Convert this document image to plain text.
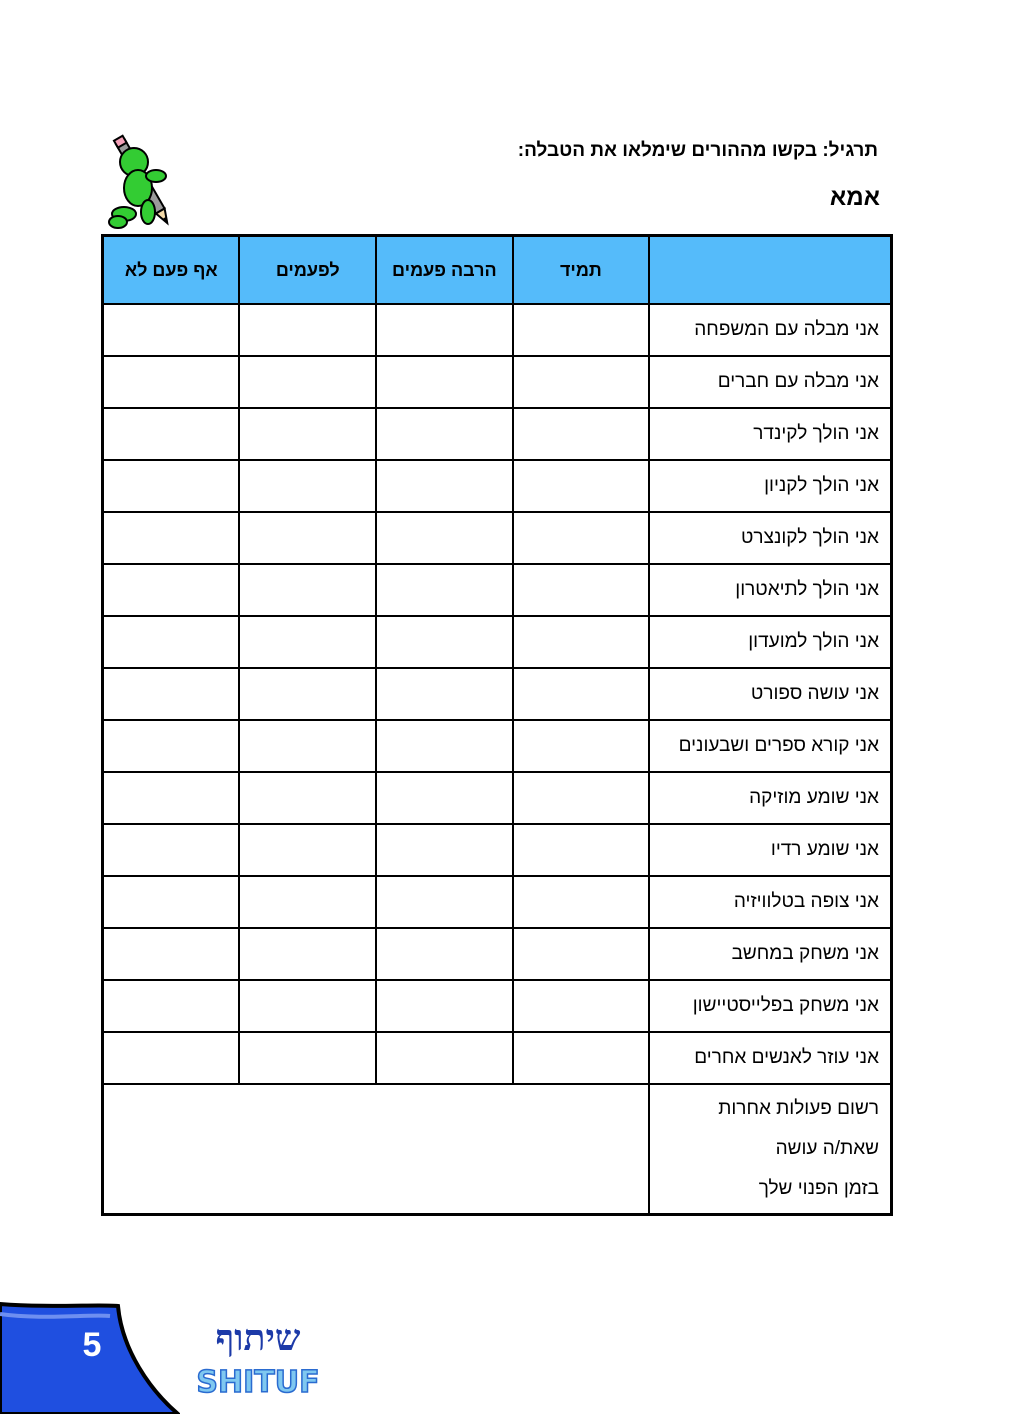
תרגיל: בקשו מההורים שימלאו את הטבלה:
אמא
	תמיד	הרבה פעמים	לפעמים	אף פעם לא
אני מבלה עם המשפחה				
אני מבלה עם חברים				
אני הולך לקינדר				
אני הולך לקניון				
אני הולך לקונצרט				
אני הולך לתיאטרון				
אני הולך למועדון				
אני עושה ספורט				
אני קורא ספרים ושבעונים				
אני שומע מוזיקה				
אני שומע רדיו				
אני צופה בטלוויזיה				
אני משחק במחשב				
אני משחק בפלייסטיישון				
אני עוזר לאנשים אחרים				

רשום פעולות אחרות
שאת/ה עושה
בזמן הפנוי שלך				

5	שיתוף
SHITUF
